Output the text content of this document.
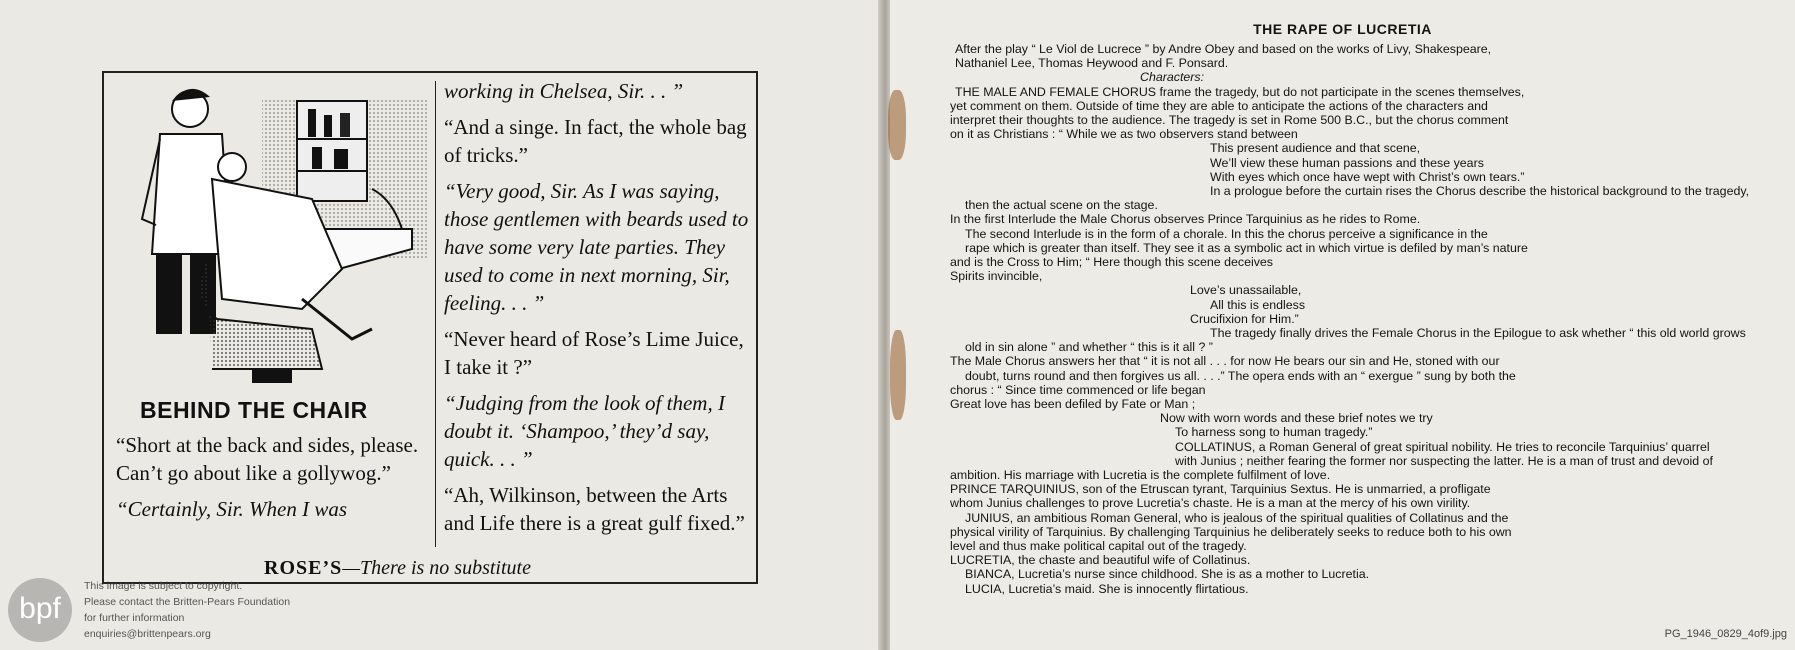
BEHIND THE CHAIR

“Short at the back and sides, please. Can’t go about like a gollywog.”

“Certainly, Sir. When I was

working in Chelsea, Sir. . . ”

“And a singe. In fact, the whole bag of tricks.”

“Very good, Sir. As I was saying, those gentlemen with beards used to have some very late parties. They used to come in next morning, Sir, feeling. . . ”

“Never heard of Rose’s Lime Juice, I take it ?”

“Judging from the look of them, I doubt it. ‘Shampoo,’ they’d say, quick. . . ”

“Ah, Wilkinson, between the Arts and Life there is a great gulf fixed.”

ROSE’S—There is no substitute
bpf
This image is subject to copyright.
Please contact the Britten-Pears Foundation
for further information
enquiries@brittenpears.org
THE RAPE OF LUCRETIA
After the play “ Le Viol de Lucrece ” by Andre Obey and based on the works of Livy, Shakespeare,
Nathaniel Lee, Thomas Heywood and F. Ponsard.
Characters:
THE MALE AND FEMALE CHORUS frame the tragedy, but do not participate in the scenes themselves,
yet comment on them. Outside of time they are able to anticipate the actions of the characters and
interpret their thoughts to the audience. The tragedy is set in Rome 500 B.C., but the chorus comment
on it as Christians : “ While we as two observers stand between
This present audience and that scene,
We’ll view these human passions and these years
With eyes which once have wept with Christ’s own tears.”
In a prologue before the curtain rises the Chorus describe the historical background to the tragedy,
then the actual scene on the stage.
In the first Interlude the Male Chorus observes Prince Tarquinius as he rides to Rome.
The second Interlude is in the form of a chorale. In this the chorus perceive a significance in the
rape which is greater than itself. They see it as a symbolic act in which virtue is defiled by man’s nature
and is the Cross to Him; “ Here though this scene deceives
Spirits invincible,
Love’s unassailable,
All this is endless
Crucifixion for Him.”
The tragedy finally drives the Female Chorus in the Epilogue to ask whether “ this old world grows
old in sin alone ” and whether “ this is it all ? ”
The Male Chorus answers her that “ it is not all . . . for now He bears our sin and He, stoned with our
doubt, turns round and then forgives us all. . . .” The opera ends with an “ exergue ” sung by both the
chorus : “ Since time commenced or life began
Great love has been defiled by Fate or Man ;
Now with worn words and these brief notes we try
To harness song to human tragedy.”
COLLATINUS, a Roman General of great spiritual nobility. He tries to reconcile Tarquinius’ quarrel
with Junius ; neither fearing the former nor suspecting the latter. He is a man of trust and devoid of
ambition. His marriage with Lucretia is the complete fulfilment of love.
PRINCE TARQUINIUS, son of the Etruscan tyrant, Tarquinius Sextus. He is unmarried, a profligate
whom Junius challenges to prove Lucretia’s chaste. He is a man at the mercy of his own virility.
JUNIUS, an ambitious Roman General, who is jealous of the spiritual qualities of Collatinus and the
physical virility of Tarquinius. By challenging Tarquinius he deliberately seeks to reduce both to his own
level and thus make political capital out of the tragedy.
LUCRETIA, the chaste and beautiful wife of Collatinus.
BIANCA, Lucretia’s nurse since childhood. She is as a mother to Lucretia.
LUCIA, Lucretia’s maid. She is innocently flirtatious.
PG_1946_0829_4of9.jpg
